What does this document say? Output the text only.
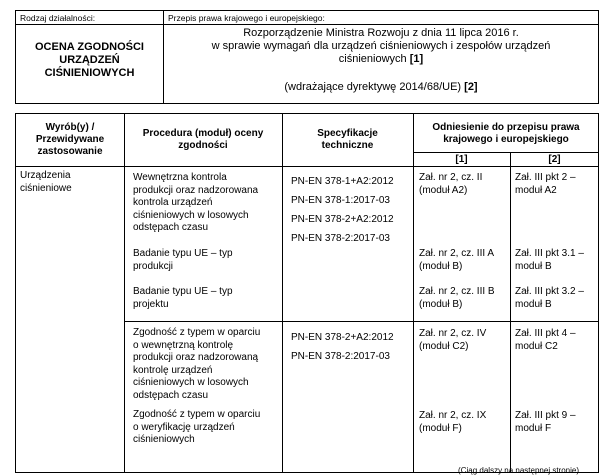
Rodzaj działalności:	Przepis prawa krajowego i europejskiego:
OCENA ZGODNOŚCI
URZĄDZEŃ
CIŚNIENIOWYCH
Rozporządzenie Ministra Rozwoju z dnia 11 lipca 2016 r.
w sprawie wymagań dla urządzeń ciśnieniowych i zespołów urządzeń
ciśnieniowych [1]
(wdrażające dyrektywę 2014/68/UE) [2]
Wyrób(y) /
Przewidywane
zastosowanie
Procedura (moduł) oceny
zgodności
Specyfikacje
techniczne
Odniesienie do przepisu prawa
krajowego i europejskiego
[1]	[2]
Urządzenia
ciśnieniowe
PN-EN 378-1+A2:2012
PN-EN 378-1:2017-03
PN-EN 378-2+A2:2012
PN-EN 378-2:2017-03
Wewnętrzna kontrola
produkcji oraz nadzorowana
kontrola urządzeń
ciśnieniowych w losowych
odstępach czasu
Zał. nr 2, cz. II
(moduł A2)
Zał. III pkt 2 –
moduł A2
Badanie typu UE – typ
produkcji
Zał. nr 2, cz. III A
(moduł B)
Zał. III pkt 3.1 –
moduł B
Badanie typu UE – typ
projektu
Zał. nr 2, cz. III B
(moduł B)
Zał. III pkt 3.2 –
moduł B
PN-EN 378-2+A2:2012
PN-EN 378-2:2017-03
Zgodność z typem w oparciu
o wewnętrzną kontrolę
produkcji oraz nadzorowaną
kontrolę urządzeń
ciśnieniowych w losowych
odstępach czasu
Zał. nr 2, cz. IV
(moduł C2)
Zał. III pkt 4 –
moduł C2
Zgodność z typem w oparciu
o weryfikację urządzeń
ciśnieniowych
Zał. nr 2, cz. IX
(moduł F)
Zał. III pkt 9 –
moduł F
(Ciąg dalszy na następnej stronie)
